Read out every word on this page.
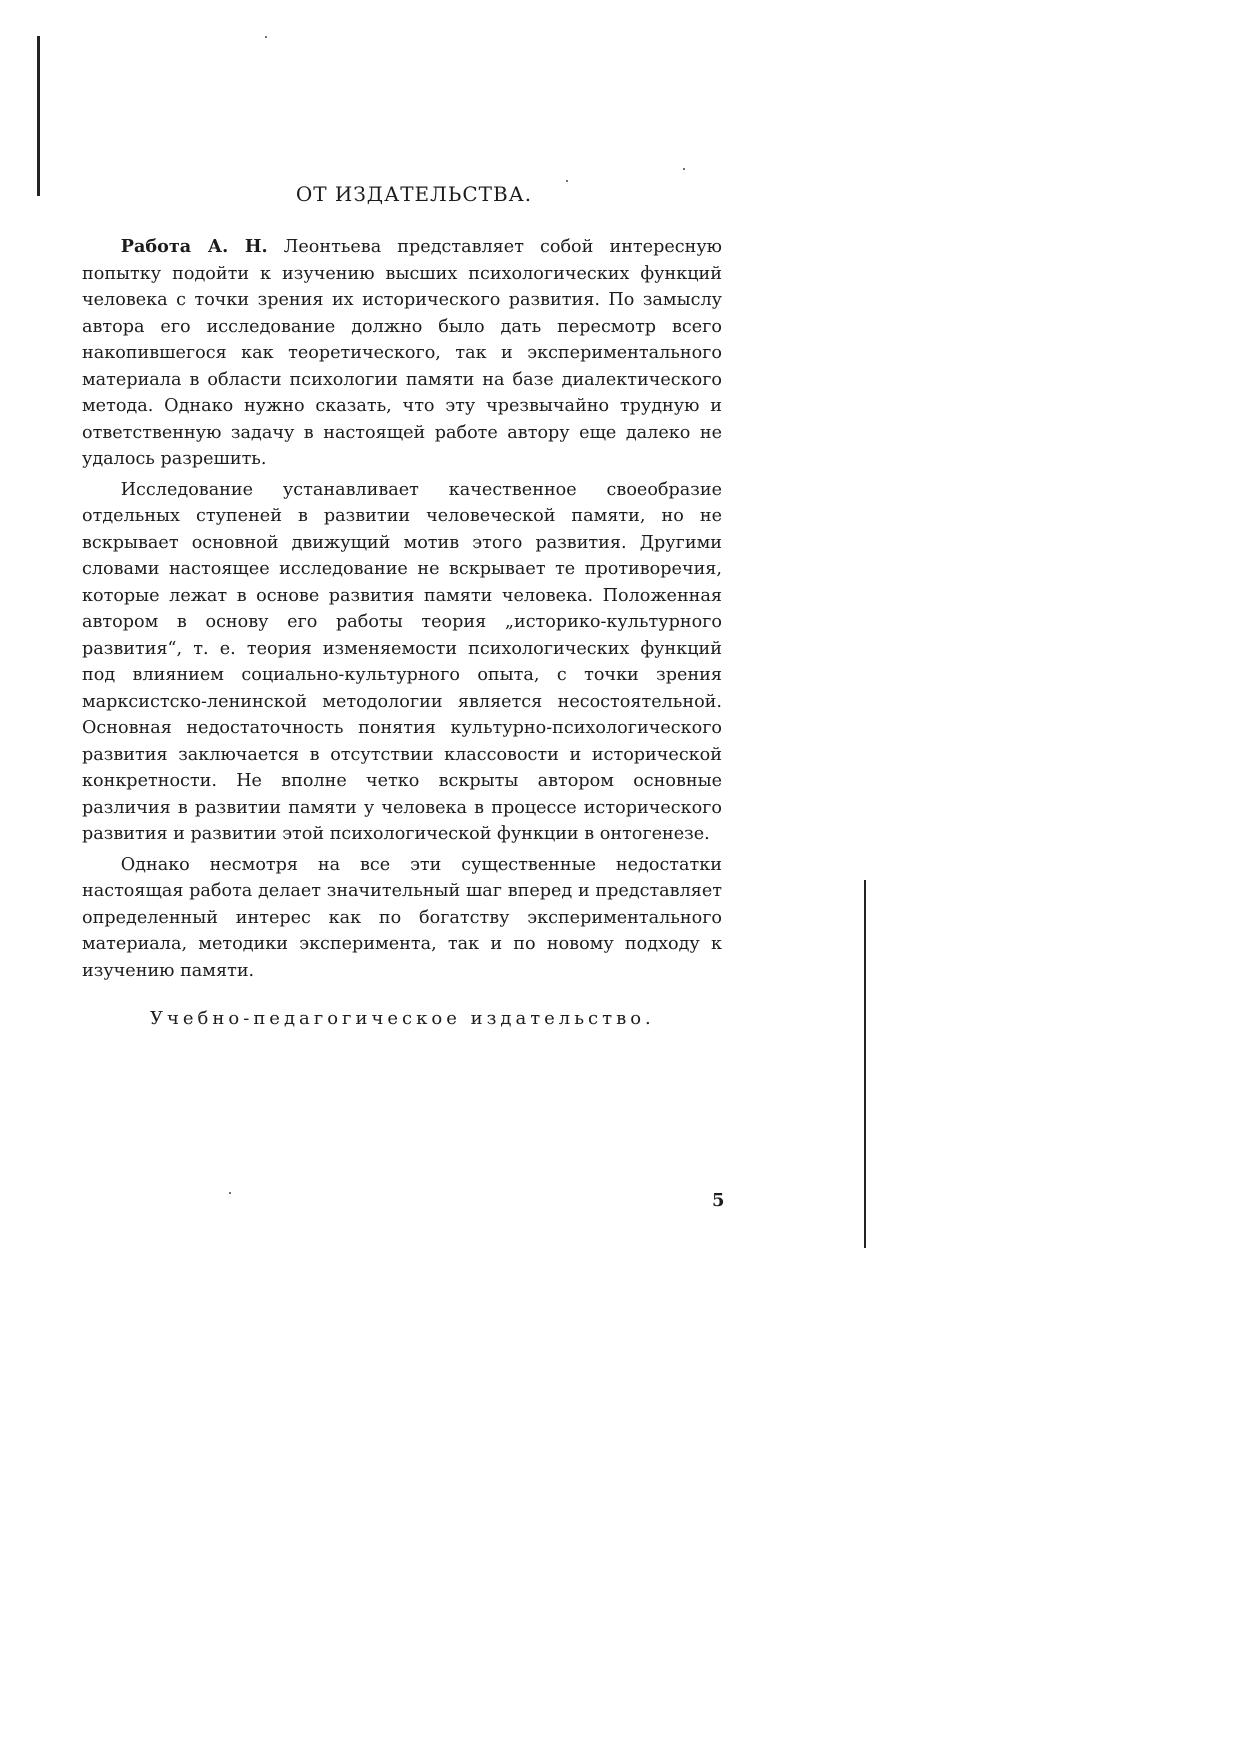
ОТ ИЗДАТЕЛЬСТВА.

Работа А. Н. Леонтьева представляет собой интересную попытку подойти к изучению высших психологических функций человека с точки зрения их исторического развития. По замыслу автора его исследование должно было дать пересмотр всего накопившегося как теоретического, так и экспериментального материала в области психологии памяти на базе диалектического метода. Однако нужно сказать, что эту чрезвычайно трудную и ответственную задачу в настоящей работе автору еще далеко не удалось разрешить.

Исследование устанавливает качественное своеобразие отдельных ступеней в развитии человеческой памяти, но не вскрывает основной движущий мотив этого развития. Другими словами настоящее исследование не вскрывает те противоречия, которые лежат в основе развития памяти человека. Положенная автором в основу его работы теория „историко-культурного развития“, т. е. теория изменяемости психологических функций под влиянием социально-культурного опыта, с точки зрения марксистско-ленинской методологии является несостоятельной. Основная недостаточность понятия культурно-психологического развития заключается в отсутствии классовости и исторической конкретности. Не вполне четко вскрыты автором основные различия в развитии памяти у человека в процессе исторического развития и развитии этой психологической функции в онтогенезе.

Однако несмотря на все эти существенные недостатки настоящая работа делает значительный шаг вперед и представляет определенный интерес как по богатству экспериментального материала, методики эксперимента, так и по новому подходу к изучению памяти.

Учебно-педагогическое издательство.
5
